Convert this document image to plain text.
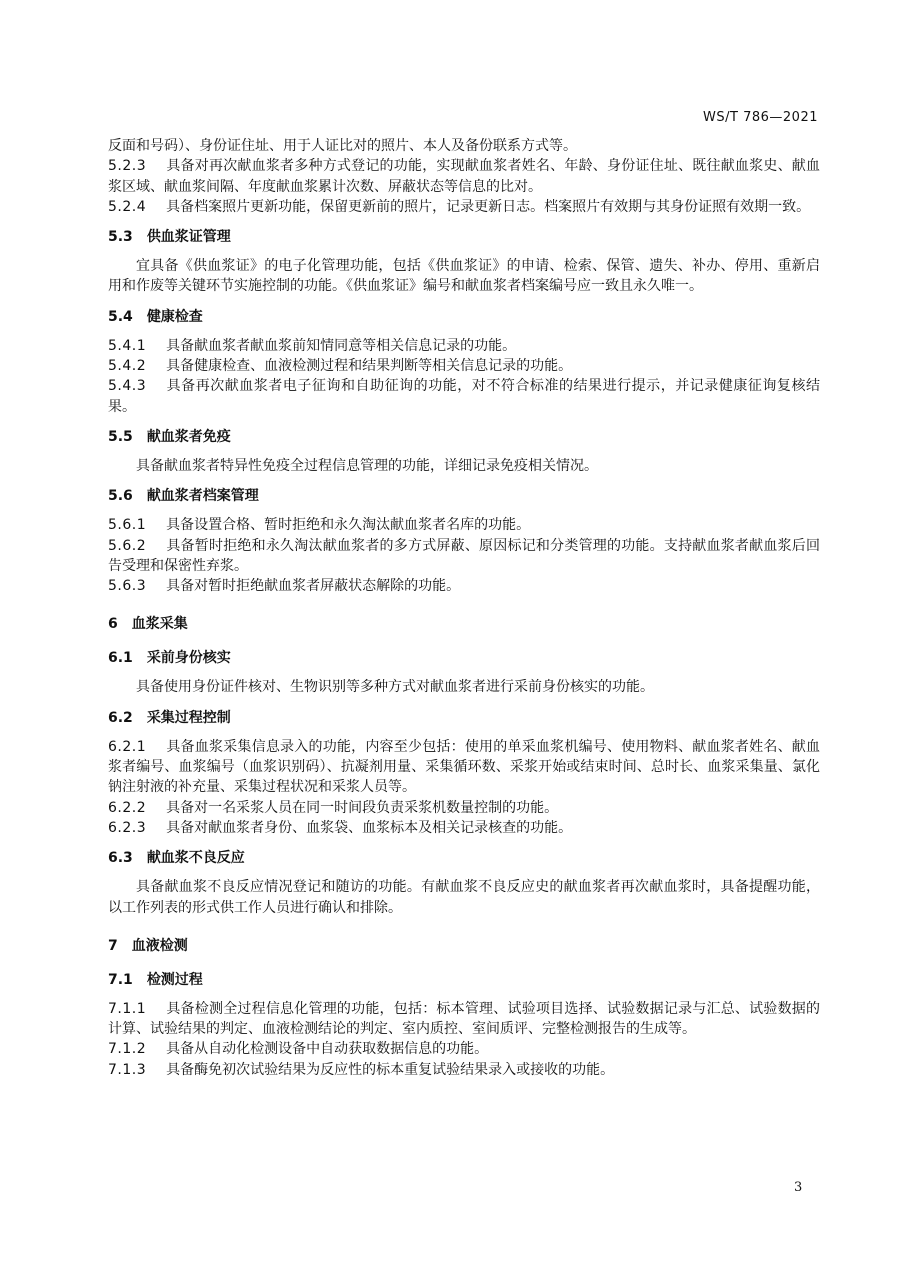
WS/T 786—2021

反面和号码）、身份证住址、用于人证比对的照片、本人及备份联系方式等。

5.2.3 具备对再次献血浆者多种方式登记的功能，实现献血浆者姓名、年龄、身份证住址、既往献血浆史、献血浆区域、献血浆间隔、年度献血浆累计次数、屏蔽状态等信息的比对。

5.2.4 具备档案照片更新功能，保留更新前的照片，记录更新日志。档案照片有效期与其身份证照有效期一致。

5.3 供血浆证管理

宜具备《供血浆证》的电子化管理功能，包括《供血浆证》的申请、检索、保管、遗失、补办、停用、重新启用和作废等关键环节实施控制的功能。《供血浆证》编号和献血浆者档案编号应一致且永久唯一。

5.4 健康检查

5.4.1 具备献血浆者献血浆前知情同意等相关信息记录的功能。

5.4.2 具备健康检查、血液检测过程和结果判断等相关信息记录的功能。

5.4.3 具备再次献血浆者电子征询和自助征询的功能，对不符合标准的结果进行提示，并记录健康征询复核结果。

5.5 献血浆者免疫

具备献血浆者特异性免疫全过程信息管理的功能，详细记录免疫相关情况。

5.6 献血浆者档案管理

5.6.1 具备设置合格、暂时拒绝和永久淘汰献血浆者名库的功能。

5.6.2 具备暂时拒绝和永久淘汰献血浆者的多方式屏蔽、原因标记和分类管理的功能。支持献血浆者献血浆后回告受理和保密性弃浆。

5.6.3 具备对暂时拒绝献血浆者屏蔽状态解除的功能。

6 血浆采集
6.1 采前身份核实

具备使用身份证件核对、生物识别等多种方式对献血浆者进行采前身份核实的功能。

6.2 采集过程控制

6.2.1 具备血浆采集信息录入的功能，内容至少包括：使用的单采血浆机编号、使用物料、献血浆者姓名、献血浆者编号、血浆编号（血浆识别码）、抗凝剂用量、采集循环数、采浆开始或结束时间、总时长、血浆采集量、氯化钠注射液的补充量、采集过程状况和采浆人员等。

6.2.2 具备对一名采浆人员在同一时间段负责采浆机数量控制的功能。

6.2.3 具备对献血浆者身份、血浆袋、血浆标本及相关记录核查的功能。

6.3 献血浆不良反应

具备献血浆不良反应情况登记和随访的功能。有献血浆不良反应史的献血浆者再次献血浆时，具备提醒功能，以工作列表的形式供工作人员进行确认和排除。

7 血液检测
7.1 检测过程

7.1.1 具备检测全过程信息化管理的功能，包括：标本管理、试验项目选择、试验数据记录与汇总、试验数据的计算、试验结果的判定、血液检测结论的判定、室内质控、室间质评、完整检测报告的生成等。

7.1.2 具备从自动化检测设备中自动获取数据信息的功能。

7.1.3 具备酶免初次试验结果为反应性的标本重复试验结果录入或接收的功能。

3
